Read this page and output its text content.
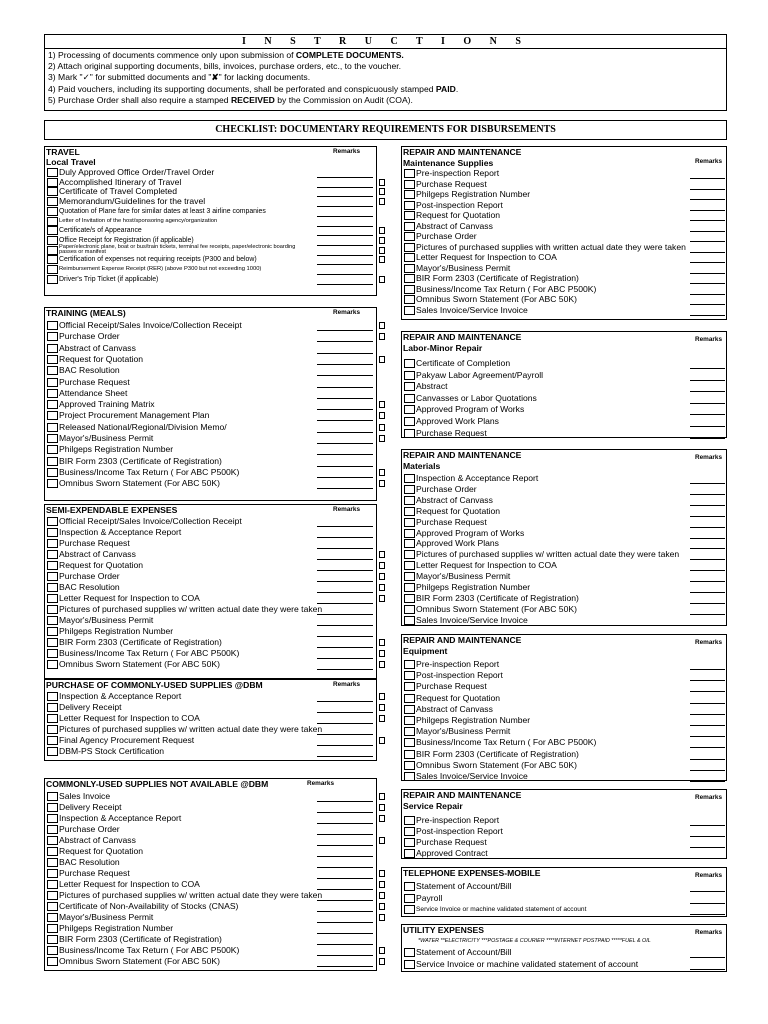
I N S T R U C T I O N S
1) Processing of documents commence only upon submission of COMPLETE DOCUMENTS.
2) Attach original supporting documents, bills, invoices, purchase orders, etc., to the voucher.
3) Mark "✓" for submitted documents and "✘" for lacking documents.
4) Paid vouchers, including its supporting documents, shall be perforated and conspicuously stamped PAID.
5) Purchase Order shall also require a stamped RECEIVED by the Commission on Audit (COA).
CHECKLIST: DOCUMENTARY REQUIREMENTS FOR DISBURSEMENTS
TRAVEL	Remarks
Local Travel
Duly Approved Office Order/Travel Order
Accomplished Itinerary of Travel
Certificate of Travel Completed
Memorandum/Guidelines for the travel
Quotation of Plane fare for similar dates at least 3 airline companies
Letter of Invitation of the host/sponsoring agency/organization
Certificate/s of Appearance
Office Receipt for Registration (if applicable)
Paper/electronic plane, boat or bus/train tickets, terminal fee receipts, paper/electronic boarding passes or manifest
Certification of expenses not requiring receipts (P300 and below)
Reimbursement Expense Receipt (RER) (above P300 but not exceeding 1000)
Driver's Trip Ticket (if applicable)
TRAINING (MEALS)	Remarks
Official Receipt/Sales Invoice/Collection Receipt
Purchase Order
Abstract of Canvass
Request for Quotation
BAC Resolution
Purchase Request
Attendance Sheet
Approved Training Matrix
Project Procurement Management Plan
Released National/Regional/Division Memo/
Mayor's/Business Permit
Philgeps Registration Number
BIR Form 2303 (Certificate of Registration)
Business/Income Tax Return ( For ABC P500K)
Omnibus Sworn Statement (For ABC 50K)
SEMI-EXPENDABLE EXPENSES	Remarks
Official Receipt/Sales Invoice/Collection Receipt
Inspection & Acceptance Report
Purchase Request
Abstract of Canvass
Request for Quotation
Purchase Order
BAC Resolution
Letter Request for Inspection to COA
Pictures of purchased supplies w/ written actual date they were taken
Mayor's/Business Permit
Philgeps Registration Number
BIR Form 2303 (Certificate of Registration)
Business/Income Tax Return ( For ABC P500K)
Omnibus Sworn Statement (For ABC 50K)
PURCHASE OF COMMONLY-USED SUPPLIES @DBM	Remarks
Inspection & Acceptance Report
Delivery Receipt
Letter Request for Inspection to COA
Pictures of purchased supplies w/ written actual date they were taken
Final Agency Procurement Request
DBM-PS Stock Certification
COMMONLY-USED SUPPLIES NOT AVAILABLE @DBM	Remarks
Sales Invoice
Delivery Receipt
Inspection & Acceptance Report
Purchase Order
Abstract of Canvass
Request for Quotation
BAC Resolution
Purchase Request
Letter Request for Inspection to COA
Pictures of purchased supplies w/ written actual date they were taken
Certificate of Non-Availability of Stocks (CNAS)
Mayor's/Business Permit
Philgeps Registration Number
BIR Form 2303 (Certificate of Registration)
Business/Income Tax Return ( For ABC P500K)
Omnibus Sworn Statement (For ABC 50K)
REPAIR AND MAINTENANCE
Remarks
Maintenance Supplies
Pre-inspection Report
Purchase Request
Philgeps Registration Number
Post-inspection Report
Request for Quotation
Abstract of Canvass
Purchase Order
Pictures of purchased supplies with written actual date they were taken
Letter Request for Inspection to COA
Mayor's/Business Permit
BIR Form 2303 (Certificate of Registration)
Business/Income Tax Return ( For ABC P500K)
Omnibus Sworn Statement (For ABC 50K)
Sales Invoice/Service Invoice
REPAIR AND MAINTENANCE	Remarks
Labor-Minor Repair
Certificate of Completion
Pakyaw Labor Agreement/Payroll
Abstract
Canvasses or Labor Quotations
Approved Program of Works
Approved Work Plans
Purchase Request
REPAIR AND MAINTENANCE	Remarks
Materials
Inspection & Acceptance Report
Purchase Order
Abstract of Canvass
Request for Quotation
Purchase Request
Approved Program of Works
Approved Work Plans
Pictures of purchased supplies w/ written actual date they were taken
Letter Request for Inspection to COA
Mayor's/Business Permit
Philgeps Registration Number
BIR Form 2303 (Certificate of Registration)
Omnibus Sworn Statement (For ABC 50K)
Sales Invoice/Service Invoice
REPAIR AND MAINTENANCE	Remarks
Equipment
Pre-inspection Report
Post-inspection Report
Purchase Request
Request for Quotation
Abstract of Canvass
Philgeps Registration Number
Mayor's/Business Permit
Business/Income Tax Return ( For ABC P500K)
BIR Form 2303 (Certificate of Registration)
Omnibus Sworn Statement (For ABC 50K)
Sales Invoice/Service Invoice
REPAIR AND MAINTENANCE	Remarks
Service Repair
Pre-inspection Report
Post-inspection Report
Purchase Request
Approved Contract
TELEPHONE EXPENSES-MOBILE	Remarks
Statement of Account/Bill
Payroll
Service Invoice or machine validated statement of account
UTILITY EXPENSES	Remarks
*WATER **ELECTRICITY ***POSTAGE & COURIER ****INTERNET POSTPAID *****FUEL & OIL
Statement of Account/Bill
Service Invoice or machine validated statement of account
